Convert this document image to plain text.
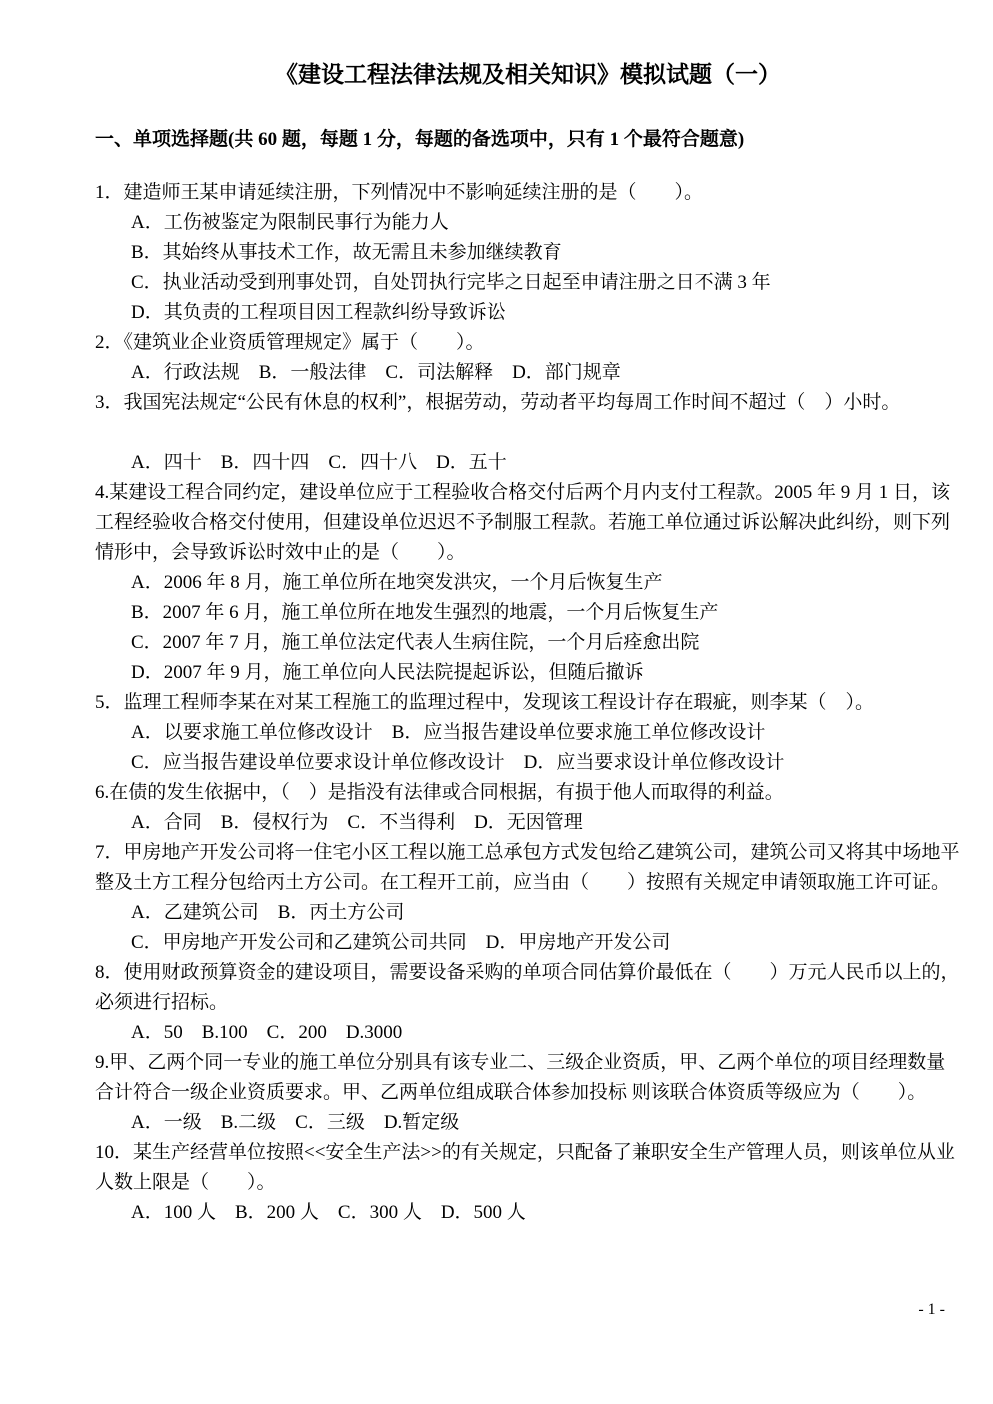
《建设工程法律法规及相关知识》模拟试题（一）
一、单项选择题(共 60 题，每题 1 分，每题的备选项中，只有 1 个最符合题意)

1．建造师王某申请延续注册，下列情况中不影响延续注册的是（　　）。

A．工伤被鉴定为限制民事行为能力人

B．其始终从事技术工作，故无需且未参加继续教育

C．执业活动受到刑事处罚，自处罚执行完毕之日起至申请注册之日不满 3 年

D．其负责的工程项目因工程款纠纷导致诉讼

2．《建筑业企业资质管理规定》属于（　　）。

A．行政法规　B．一般法律　C．司法解释　D．部门规章

3．我国宪法规定“公民有休息的权利”，根据劳动，劳动者平均每周工作时间不超过（　）小时。

A．四十　B．四十四　C．四十八　D．五十

4.某建设工程合同约定，建设单位应于工程验收合格交付后两个月内支付工程款。2005 年 9 月 1 日，该工程经验收合格交付使用，但建设单位迟迟不予制服工程款。若施工单位通过诉讼解决此纠纷，则下列情形中，会导致诉讼时效中止的是（　　）。

A．2006 年 8 月，施工单位所在地突发洪灾，一个月后恢复生产

B．2007 年 6 月，施工单位所在地发生强烈的地震，一个月后恢复生产

C．2007 年 7 月，施工单位法定代表人生病住院，一个月后痊愈出院

D．2007 年 9 月，施工单位向人民法院提起诉讼，但随后撤诉

5．监理工程师李某在对某工程施工的监理过程中，发现该工程设计存在瑕疵，则李某（　）。

A．以要求施工单位修改设计　B．应当报告建设单位要求施工单位修改设计

C．应当报告建设单位要求设计单位修改设计　D．应当要求设计单位修改设计

6.在债的发生依据中，（　）是指没有法律或合同根据，有损于他人而取得的利益。

A．合同　B．侵权行为　C．不当得利　D．无因管理

7．甲房地产开发公司将一住宅小区工程以施工总承包方式发包给乙建筑公司，建筑公司又将其中场地平整及土方工程分包给丙土方公司。在工程开工前，应当由（　　）按照有关规定申请领取施工许可证。

A．乙建筑公司　B．丙土方公司

C．甲房地产开发公司和乙建筑公司共同　D．甲房地产开发公司

8．使用财政预算资金的建设项目，需要设备采购的单项合同估算价最低在（　　）万元人民币以上的，必须进行招标。

A．50　B.100　C．200　D.3000

9.甲、乙两个同一专业的施工单位分别具有该专业二、三级企业资质，甲、乙两个单位的项目经理数量合计符合一级企业资质要求。甲、乙两单位组成联合体参加投标 则该联合体资质等级应为（　　）。

A．一级　B.二级　C．三级　D.暂定级

10．某生产经营单位按照<<安全生产法>>的有关规定，只配备了兼职安全生产管理人员，则该单位从业人数上限是（　　）。

A．100 人　B．200 人　C．300 人　D．500 人

- 1 -
